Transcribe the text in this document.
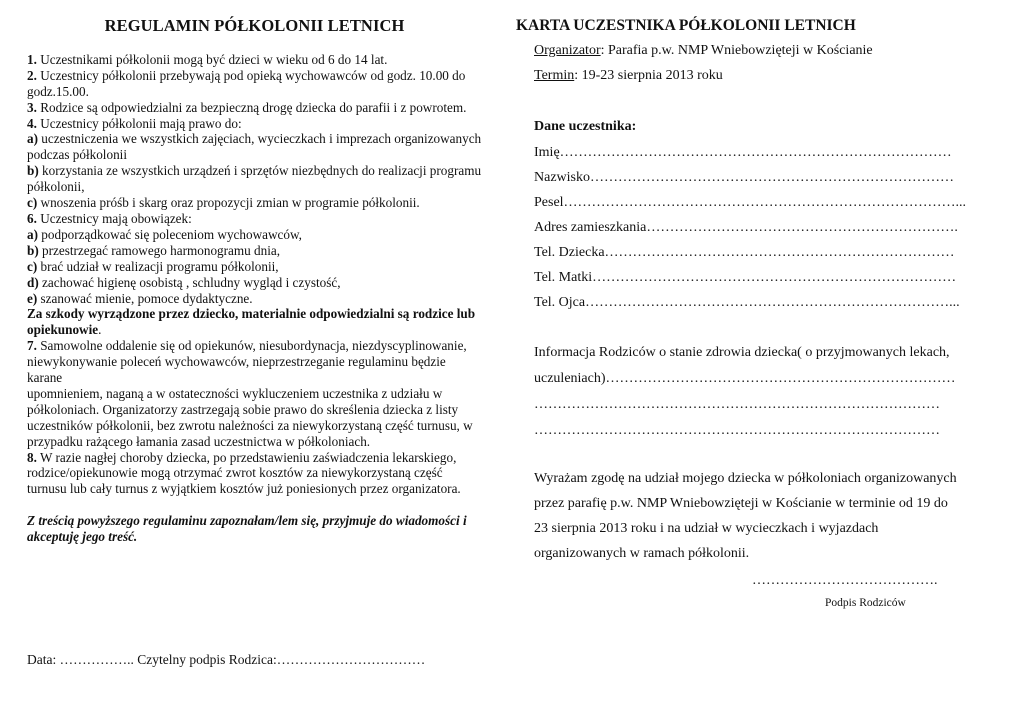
REGULAMIN PÓŁKOLONII LETNICH

1. Uczestnikami półkolonii mogą być dzieci w wieku od 6 do 14 lat.

2. Uczestnicy półkolonii przebywają pod opieką wychowawców od godz. 10.00 do godz.15.00.

3. Rodzice są odpowiedzialni za bezpieczną drogę dziecka do parafii i z powrotem.

4. Uczestnicy półkolonii mają prawo do:

a) uczestniczenia we wszystkich zajęciach, wycieczkach i imprezach organizowanych podczas półkolonii

b) korzystania ze wszystkich urządzeń i sprzętów niezbędnych do realizacji programu półkolonii,

c) wnoszenia próśb i skarg oraz propozycji zmian w programie półkolonii.

6. Uczestnicy mają obowiązek:

a) podporządkować się poleceniom wychowawców,

b) przestrzegać ramowego harmonogramu dnia,

c) brać udział w realizacji programu półkolonii,

d) zachować higienę osobistą , schludny wygląd i czystość,

e) szanować mienie, pomoce dydaktyczne.

Za szkody wyrządzone przez dziecko, materialnie odpowiedzialni są rodzice lub opiekunowie.

7. Samowolne oddalenie się od opiekunów, niesubordynacja, niezdyscyplinowanie,

niewykonywanie poleceń wychowawców, nieprzestrzeganie regulaminu będzie karane

upomnieniem, naganą a w ostateczności wykluczeniem uczestnika z udziału w półkoloniach. Organizatorzy zastrzegają sobie prawo do skreślenia dziecka z listy uczestników półkolonii, bez zwrotu należności za niewykorzystaną część turnusu, w przypadku rażącego łamania zasad uczestnictwa w półkoloniach.

8. W razie nagłej choroby dziecka, po przedstawieniu zaświadczenia lekarskiego, rodzice/opiekunowie mogą otrzymać zwrot kosztów za niewykorzystaną część turnusu lub cały turnus z wyjątkiem kosztów już poniesionych przez organizatora.

Z treścią powyższego regulaminu zapoznałam/lem się, przyjmuje do wiadomości i akceptuję jego treść.

Data: …………….. Czytelny podpis Rodzica:……………………………

KARTA UCZESTNIKA PÓŁKOLONII LETNICH
Organizator: Parafia p.w. NMP Wniebowzięteji w Kościanie
Termin: 19-23 sierpnia 2013 roku
Dane uczestnika:
Imię…………………………………………………………………………
Nazwisko……………………………………………………………………
Pesel…………………………………………………………………………...
Adres zamieszkania………………………………………………………….
Tel. Dziecka…………………………………………………………………
Tel. Matki……………………………………………………………………
Tel. Ojca……………………………………………………………………...
Informacja Rodziców o stanie zdrowia dziecka( o przyjmowanych lekach,
uczuleniach)…………………………………………………………………
……………………………………………………………………………
……………………………………………………………………………
Wyrażam zgodę na udział mojego dziecka w półkoloniach organizowanych
przez parafię p.w. NMP Wniebowzięteji w Kościanie w terminie od 19 do
23 sierpnia 2013 roku i na udział w wycieczkach i wyjazdach
organizowanych w ramach półkolonii.
………………………………….
Podpis Rodziców
